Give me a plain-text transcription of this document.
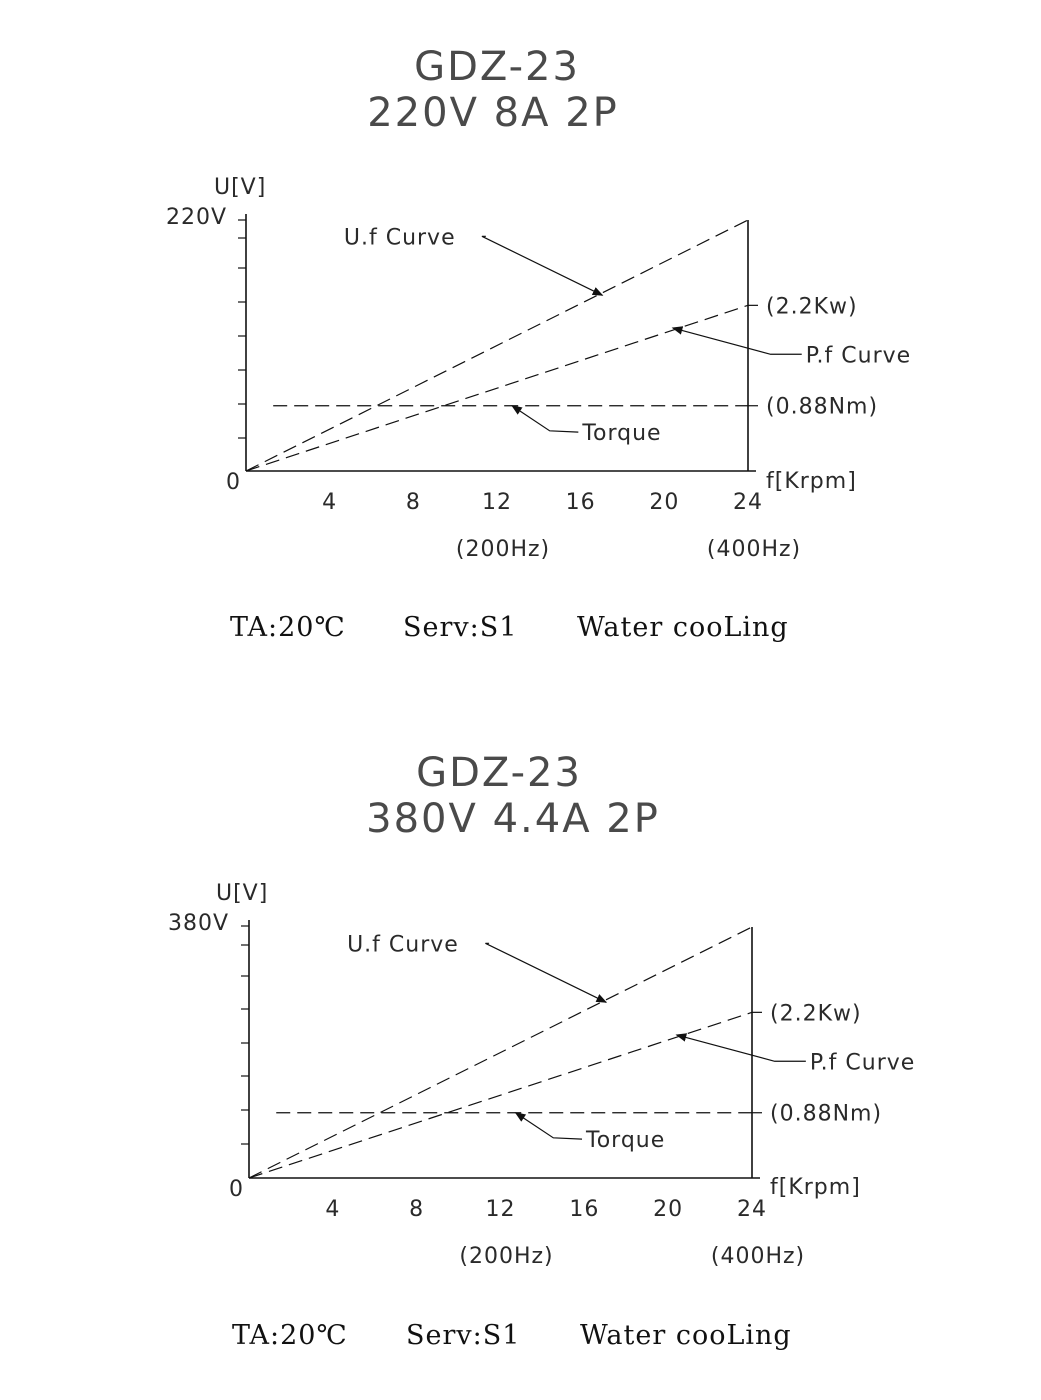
GDZ-23
220V 8A 2P
U[V]
220V
0	f[Krpm]
4	8	12 16 20 24
(200Hz)	(400Hz)
U.f Curve
P.f Curve
(2.2Kw)
Torque
(0.88Nm)
TA:20℃ Serv:S1 Water cooLing
GDZ-23
380V 4.4A 2P
U[V]
380V
0	f[Krpm]
4	8	12 16 20 24
(200Hz)	(400Hz)
U.f Curve
P.f Curve
(2.2Kw)
Torque
(0.88Nm)
TA:20℃ Serv:S1 Water cooLing
